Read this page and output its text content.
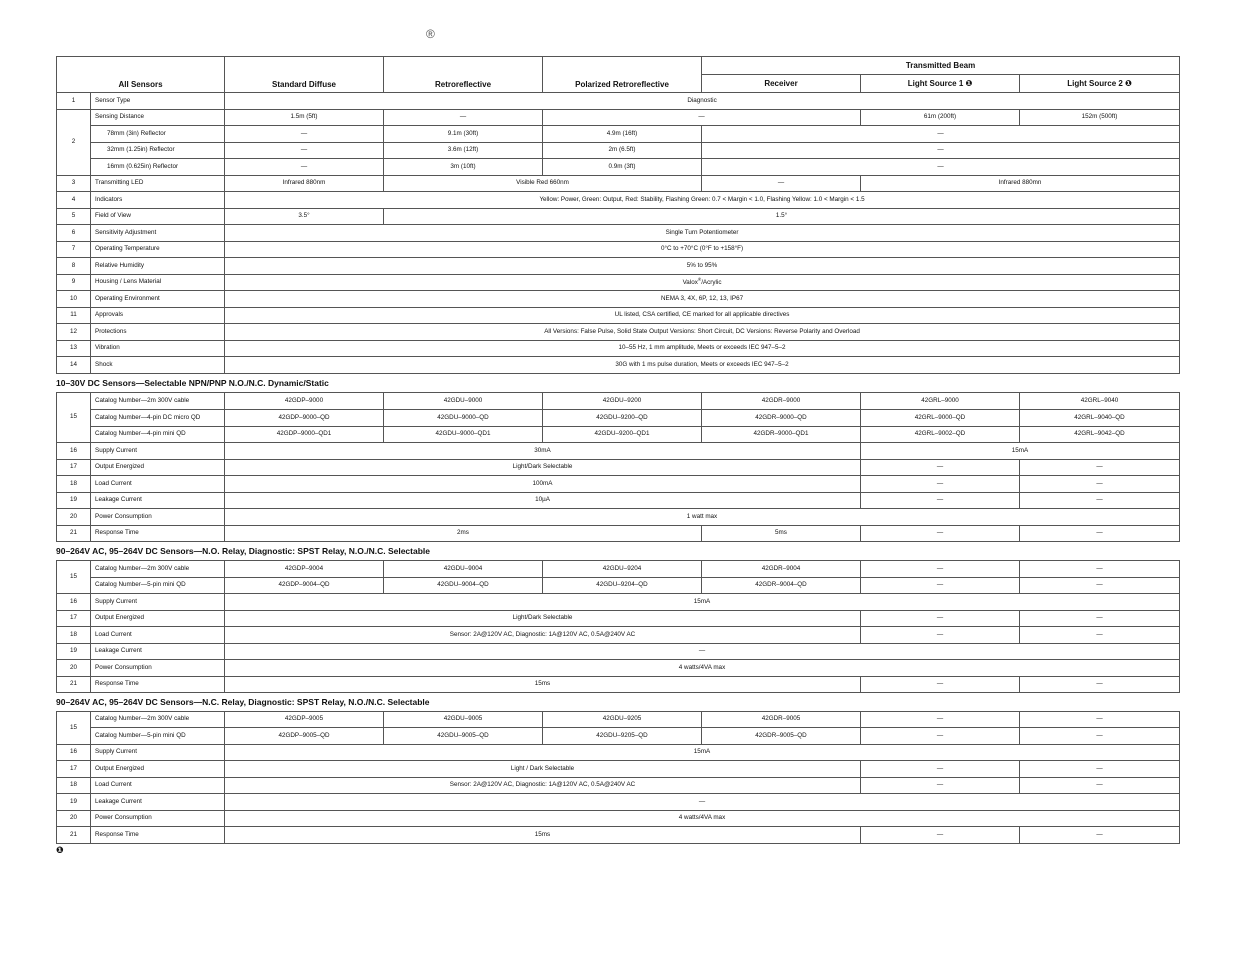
®
All Sensors		Standard Diffuse	Retroreflective	Polarized Retroreflective	Transmitted Beam		
					Receiver	Light Source 1 ❶	Light Source 2 ❶
1	Sensor Type	Diagnostic					
2	Sensing Distance	1.5m (5ft)	—	—		61m (200ft)	152m (500ft)
	78mm (3in) Reflector	—	9.1m (30ft)	4.9m (16ft)	—		
	32mm (1.25in) Reflector	—	3.6m (12ft)	2m (6.5ft)	—		
	16mm (0.625in) Reflector	—	3m (10ft)	0.9m (3ft)	—		
3	Transmitting LED	Infrared 880nm	Visible Red 660nm		—	Infrared 880mn	
4	Indicators	Yellow: Power, Green: Output, Red: Stability, Flashing Green: 0.7 < Margin < 1.0, Flashing Yellow: 1.0 < Margin < 1.5					
5	Field of View	3.5°	1.5°				
6	Sensitivity Adjustment	Single Turn Potentiometer					
7	Operating Temperature	0°C to +70°C (0°F to +158°F)					
8	Relative Humidity	5% to 95%					
9	Housing / Lens Material	Valox®/Acrylic					
10	Operating Environment	NEMA 3, 4X, 6P, 12, 13, IP67					
11	Approvals	UL listed, CSA certified, CE marked for all applicable directives					
12	Protections	All Versions: False Pulse, Solid State Output Versions: Short Circuit, DC Versions: Reverse Polarity and Overload					
13	Vibration	10–55 Hz, 1 mm amplitude, Meets or exceeds IEC 947–5–2					
14	Shock	30G with 1 ms pulse duration, Meets or exceeds IEC 947–5–2					
10–30V DC Sensors—Selectable NPN/PNP N.O./N.C. Dynamic/Static
15	Catalog Number—2m 300V cable	42GDP–9000	42GDU–9000	42GDU–9200	42GDR–9000	42GRL–9000	42GRL–9040
	Catalog Number—4-pin DC micro QD	42GDP–9000–QD	42GDU–9000–QD	42GDU–9200–QD	42GDR–9000–QD	42GRL–9000–QD	42GRL–9040–QD
	Catalog Number—4-pin mini QD	42GDP–9000–QD1	42GDU–9000–QD1	42GDU–9200–QD1	42GDR–9000–QD1	42GRL–9002–QD	42GRL–9042–QD
16	Supply Current	30mA				15mA	
17	Output Energized	Light/Dark Selectable				—	—
18	Load Current	100mA				—	—
19	Leakage Current	10µA				—	—
20	Power Consumption	1 watt max					
21	Response Time	2ms			5ms	—	—
90–264V AC, 95–264V DC Sensors—N.O. Relay, Diagnostic: SPST Relay, N.O./N.C. Selectable
15	Catalog Number—2m 300V cable	42GDP–9004	42GDU–9004	42GDU–9204	42GDR–9004	—	—
	Catalog Number—5-pin mini QD	42GDP–9004–QD	42GDU–9004–QD	42GDU–9204–QD	42GDR–9004–QD	—	—
16	Supply Current	15mA					
17	Output Energized	Light/Dark Selectable				—	—
18	Load Current	Sensor: 2A@120V AC, Diagnostic: 1A@120V AC, 0.5A@240V AC				—	—
19	Leakage Current	—					
20	Power Consumption	4 watts/4VA max					
21	Response Time	15ms				—	—
90–264V AC, 95–264V DC Sensors—N.C. Relay, Diagnostic: SPST Relay, N.O./N.C. Selectable
15	Catalog Number—2m 300V cable	42GDP–9005	42GDU–9005	42GDU–9205	42GDR–9005	—	—
	Catalog Number—5-pin mini QD	42GDP–9005–QD	42GDU–9005–QD	42GDU–9205–QD	42GDR–9005–QD	—	—
16	Supply Current	15mA					
17	Output Energized	Light / Dark Selectable				—	—
18	Load Current	Sensor: 2A@120V AC, Diagnostic: 1A@120V AC, 0.5A@240V AC				—	—
19	Leakage Current	—					
20	Power Consumption	4 watts/4VA max					
21	Response Time	15ms				—	—
❶
